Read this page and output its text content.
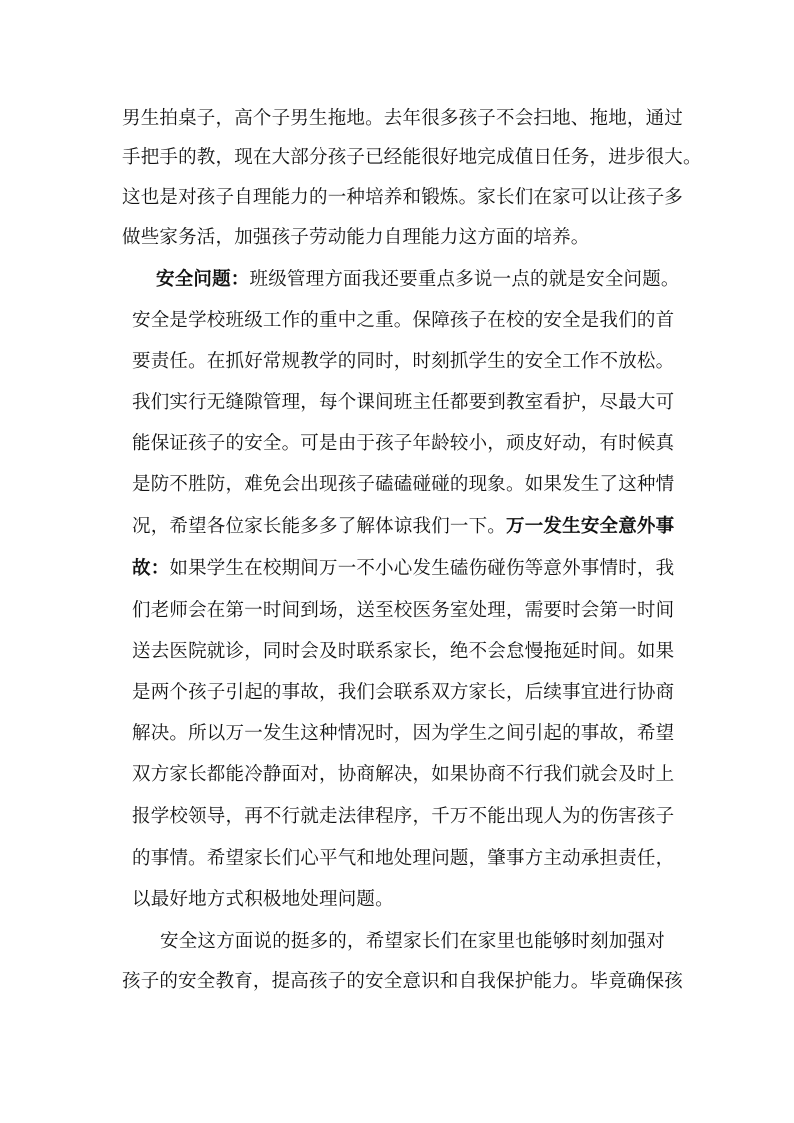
男生拍桌子，高个子男生拖地。去年很多孩子不会扫地、拖地，通过
手把手的教，现在大部分孩子已经能很好地完成值日任务，进步很大。
这也是对孩子自理能力的一种培养和锻炼。家长们在家可以让孩子多
做些家务活，加强孩子劳动能力自理能力这方面的培养。
安全问题：班级管理方面我还要重点多说一点的就是安全问题。
安全是学校班级工作的重中之重。保障孩子在校的安全是我们的首
要责任。在抓好常规教学的同时，时刻抓学生的安全工作不放松。
我们实行无缝隙管理，每个课间班主任都要到教室看护，尽最大可
能保证孩子的安全。可是由于孩子年龄较小，顽皮好动，有时候真
是防不胜防，难免会出现孩子磕磕碰碰的现象。如果发生了这种情
况，希望各位家长能多多了解体谅我们一下。万一发生安全意外事
故：如果学生在校期间万一不小心发生磕伤碰伤等意外事情时，我
们老师会在第一时间到场，送至校医务室处理，需要时会第一时间
送去医院就诊，同时会及时联系家长，绝不会怠慢拖延时间。如果
是两个孩子引起的事故，我们会联系双方家长，后续事宜进行协商
解决。所以万一发生这种情况时，因为学生之间引起的事故，希望
双方家长都能冷静面对，协商解决，如果协商不行我们就会及时上
报学校领导，再不行就走法律程序，千万不能出现人为的伤害孩子
的事情。希望家长们心平气和地处理问题，肇事方主动承担责任，
以最好地方式积极地处理问题。
安全这方面说的挺多的，希望家长们在家里也能够时刻加强对
孩子的安全教育，提高孩子的安全意识和自我保护能力。毕竟确保孩
